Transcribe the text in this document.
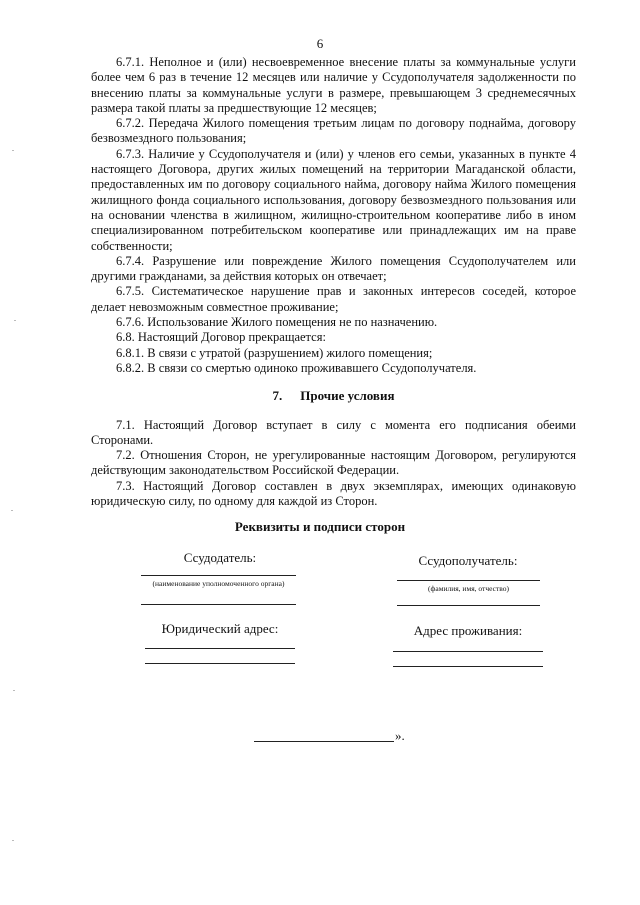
6

6.7.1. Неполное и (или) несвоевременное внесение платы за коммунальные услуги более чем 6 раз в течение 12 месяцев или наличие у Ссудополучателя задолженности по внесению платы за коммунальные услуги в размере, превышающем 3 среднемесячных размера такой платы за предшествующие 12 месяцев;

6.7.2. Передача Жилого помещения третьим лицам по договору поднайма, договору безвозмездного пользования;

6.7.3. Наличие у Ссудополучателя и (или) у членов его семьи, указанных в пункте 4 настоящего Договора, других жилых помещений на территории Магаданской области, предоставленных им по договору социального найма, договору найма Жилого помещения жилищного фонда социального использования, договору безвозмездного пользования или на основании членства в жилищном, жилищно-строительном кооперативе либо в ином специализированном потребительском кооперативе или принадлежащих им на праве собственности;

6.7.4. Разрушение или повреждение Жилого помещения Ссудополучателем или другими гражданами, за действия которых он отвечает;

6.7.5. Систематическое нарушение прав и законных интересов соседей, которое делает невозможным совместное проживание;

6.7.6. Использование Жилого помещения не по назначению.

6.8. Настоящий Договор прекращается:

6.8.1. В связи с утратой (разрушением) жилого помещения;

6.8.2. В связи со смертью одиноко проживавшего Ссудополучателя.

7. Прочие условия

7.1. Настоящий Договор вступает в силу с момента его подписания обеими Сторонами.

7.2. Отношения Сторон, не урегулированные настоящим Договором, регулируются действующим законодательством Российской Федерации.

7.3. Настоящий Договор составлен в двух экземплярах, имеющих одинаковую юридическую силу, по одному для каждой из Сторон.

Реквизиты и подписи сторон
Ссудодатель:
(наименование уполномоченного органа)
Юридический адрес:
Ссудополучатель:
(фамилия, имя, отчество)
Адрес проживания:
».
